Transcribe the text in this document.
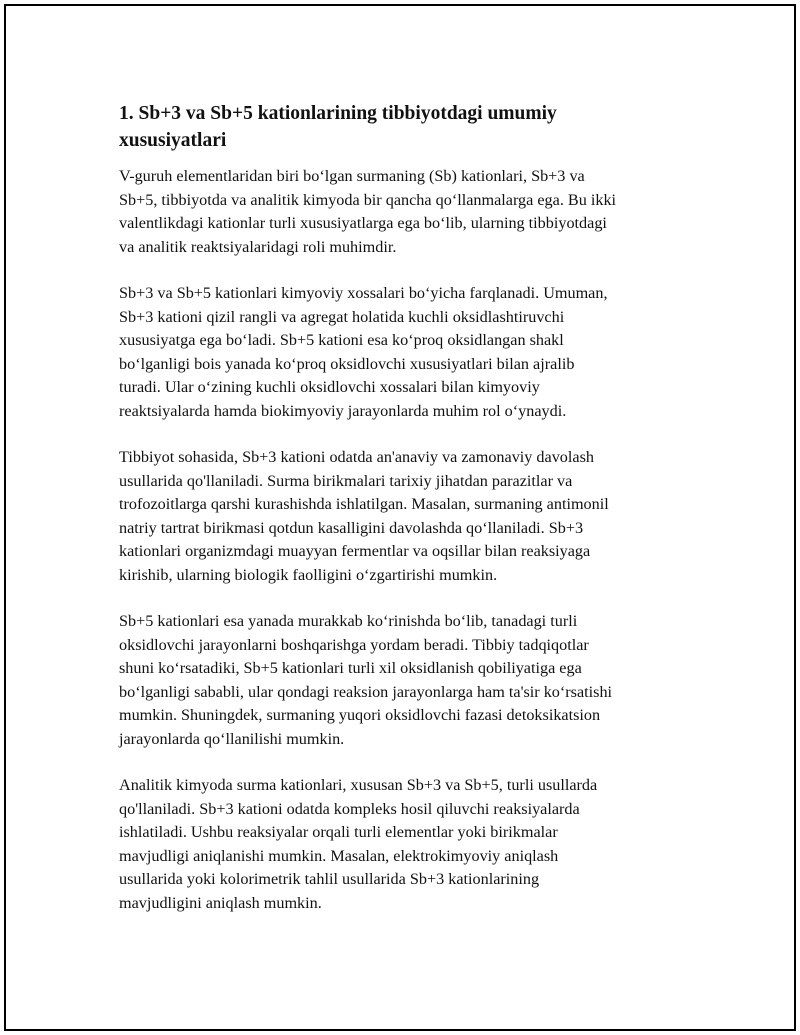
1. Sb+3 va Sb+5 kationlarining tibbiyotdagi umumiy
xususiyatlari

V-guruh elementlaridan biri boʻlgan surmaning (Sb) kationlari, Sb+3 va
Sb+5, tibbiyotda va analitik kimyoda bir qancha qoʻllanmalarga ega. Bu ikki
valentlikdagi kationlar turli xususiyatlarga ega boʻlib, ularning tibbiyotdagi
va analitik reaktsiyalaridagi roli muhimdir.

Sb+3 va Sb+5 kationlari kimyoviy xossalari boʻyicha farqlanadi. Umuman,
Sb+3 kationi qizil rangli va agregat holatida kuchli oksidlashtiruvchi
xususiyatga ega boʻladi. Sb+5 kationi esa koʻproq oksidlangan shakl
boʻlganligi bois yanada koʻproq oksidlovchi xususiyatlari bilan ajralib
turadi. Ular oʻzining kuchli oksidlovchi xossalari bilan kimyoviy
reaktsiyalarda hamda biokimyoviy jarayonlarda muhim rol oʻynaydi.

Tibbiyot sohasida, Sb+3 kationi odatda an'anaviy va zamonaviy davolash
usullarida qo'llaniladi. Surma birikmalari tarixiy jihatdan parazitlar va
trofozoitlarga qarshi kurashishda ishlatilgan. Masalan, surmaning antimonil
natriy tartrat birikmasi qotdun kasalligini davolashda qoʻllaniladi. Sb+3
kationlari organizmdagi muayyan fermentlar va oqsillar bilan reaksiyaga
kirishib, ularning biologik faolligini oʻzgartirishi mumkin.

Sb+5 kationlari esa yanada murakkab koʻrinishda boʻlib, tanadagi turli
oksidlovchi jarayonlarni boshqarishga yordam beradi. Tibbiy tadqiqotlar
shuni koʻrsatadiki, Sb+5 kationlari turli xil oksidlanish qobiliyatiga ega
boʻlganligi sababli, ular qondagi reaksion jarayonlarga ham ta'sir koʻrsatishi
mumkin. Shuningdek, surmaning yuqori oksidlovchi fazasi detoksikatsion
jarayonlarda qoʻllanilishi mumkin.

Analitik kimyoda surma kationlari, xususan Sb+3 va Sb+5, turli usullarda
qo'llaniladi. Sb+3 kationi odatda kompleks hosil qiluvchi reaksiyalarda
ishlatiladi. Ushbu reaksiyalar orqali turli elementlar yoki birikmalar
mavjudligi aniqlanishi mumkin. Masalan, elektrokimyoviy aniqlash
usullarida yoki kolorimetrik tahlil usullarida Sb+3 kationlarining
mavjudligini aniqlash mumkin.
